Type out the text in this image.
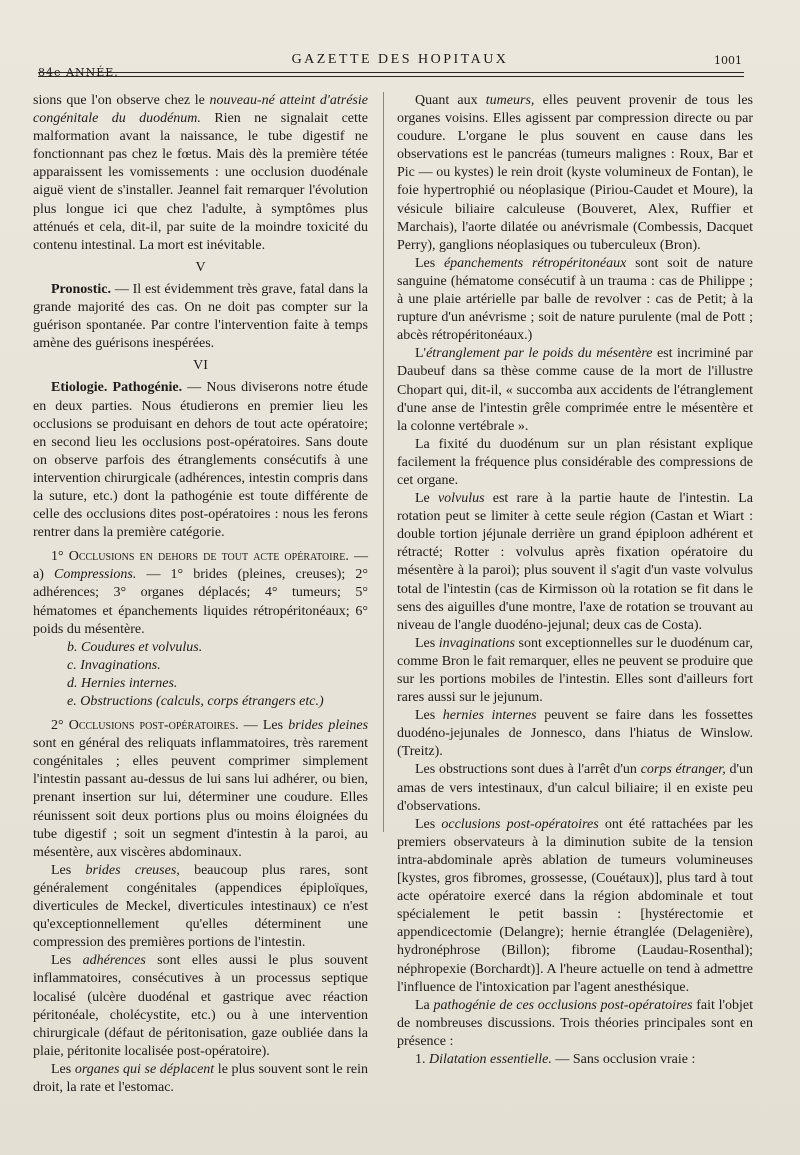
84e ANNÉE.
GAZETTE DES HOPITAUX	1001

sions que l'on observe chez le nouveau-né atteint d'atrésie congénitale du duodénum. Rien ne signalait cette malformation avant la naissance, le tube digestif ne fonctionnant pas chez le fœtus. Mais dès la première tétée apparaissent les vomissements : une occlusion duodénale aiguë vient de s'installer. Jeannel fait remarquer l'évolution plus longue ici que chez l'adulte, à symptômes plus atténués et cela, dit-il, par suite de la moindre toxicité du contenu intestinal. La mort est inévitable.

V

Pronostic. — Il est évidemment très grave, fatal dans la grande majorité des cas. On ne doit pas compter sur la guérison spontanée. Par contre l'intervention faite à temps amène des guérisons inespérées.

VI

Etiologie. Pathogénie. — Nous diviserons notre étude en deux parties. Nous étudierons en premier lieu les occlusions se produisant en dehors de tout acte opératoire; en second lieu les occlusions post-opératoires. Sans doute on observe parfois des étranglements consécutifs à une intervention chirurgicale (adhérences, intestin compris dans la suture, etc.) dont la pathogénie est toute différente de celle des occlusions dites post-opératoires : nous les ferons rentrer dans la première catégorie.

1° Occlusions en dehors de tout acte opératoire. — a) Compressions. — 1° brides (pleines, creuses); 2° adhérences; 3° organes déplacés; 4° tumeurs; 5° hématomes et épanchements liquides rétropéritonéaux; 6° poids du mésentère.

b. Coudures et volvulus.
c. Invaginations.
d. Hernies internes.
e. Obstructions (calculs, corps étrangers etc.)

2° Occlusions post-opératoires. — Les brides pleines sont en général des reliquats inflammatoires, très rarement congénitales ; elles peuvent comprimer simplement l'intestin passant au-dessus de lui sans lui adhérer, ou bien, prenant insertion sur lui, déterminer une coudure. Elles réunissent soit deux portions plus ou moins éloignées du tube digestif ; soit un segment d'intestin à la paroi, au mésentère, aux viscères abdominaux.

Les brides creuses, beaucoup plus rares, sont généralement congénitales (appendices épiploïques, diverticules de Meckel, diverticules intestinaux) ce n'est qu'exceptionnellement qu'elles déterminent une compression des premières portions de l'intestin.

Les adhérences sont elles aussi le plus souvent inflammatoires, consécutives à un processus septique localisé (ulcère duodénal et gastrique avec réaction péritonéale, cholécystite, etc.) ou à une intervention chirurgicale (défaut de péritonisation, gaze oubliée dans la plaie, péritonite localisée post-opératoire).

Les organes qui se déplacent le plus souvent sont le rein droit, la rate et l'estomac.

Quant aux tumeurs, elles peuvent provenir de tous les organes voisins. Elles agissent par compression directe ou par coudure. L'organe le plus souvent en cause dans les observations est le pancréas (tumeurs malignes : Roux, Bar et Pic — ou kystes) le rein droit (kyste volumineux de Fontan), le foie hypertrophié ou néoplasique (Piriou-Caudet et Moure), la vésicule biliaire calculeuse (Bouveret, Alex, Ruffier et Marchais), l'aorte dilatée ou anévrismale (Combessis, Dacquet Perry), ganglions néoplasiques ou tuberculeux (Bron).

Les épanchements rétropéritonéaux sont soit de nature sanguine (hématome consécutif à un trauma : cas de Philippe ; à une plaie artérielle par balle de revolver : cas de Petit; à la rupture d'un anévrisme ; soit de nature purulente (mal de Pott ; abcès rétropéritonéaux.)

L'étranglement par le poids du mésentère est incriminé par Daubeuf dans sa thèse comme cause de la mort de l'illustre Chopart qui, dit-il, « succomba aux accidents de l'étranglement d'une anse de l'intestin grêle comprimée entre le mésentère et la colonne vertébrale ».

La fixité du duodénum sur un plan résistant explique facilement la fréquence plus considérable des compressions de cet organe.

Le volvulus est rare à la partie haute de l'intestin. La rotation peut se limiter à cette seule région (Castan et Wiart : double tortion jéjunale derrière un grand épiploon adhérent et rétracté; Rotter : volvulus après fixation opératoire du mésentère à la paroi); plus souvent il s'agit d'un vaste volvulus total de l'intestin (cas de Kirmisson où la rotation se fit dans le sens des aiguilles d'une montre, l'axe de rotation se trouvant au niveau de l'angle duodéno-jejunal; deux cas de Costa).

Les invaginations sont exceptionnelles sur le duodénum car, comme Bron le fait remarquer, elles ne peuvent se produire que sur les portions mobiles de l'intestin. Elles sont d'ailleurs fort rares aussi sur le jejunum.

Les hernies internes peuvent se faire dans les fossettes duodéno-jejunales de Jonnesco, dans l'hiatus de Winslow. (Treitz).

Les obstructions sont dues à l'arrêt d'un corps étranger, d'un amas de vers intestinaux, d'un calcul biliaire; il en existe peu d'observations.

Les occlusions post-opératoires ont été rattachées par les premiers observateurs à la diminution subite de la tension intra-abdominale après ablation de tumeurs volumineuses [kystes, gros fibromes, grossesse, (Couétaux)], plus tard à tout acte opératoire exercé dans la région abdominale et tout spécialement le petit bassin : [hystérectomie et appendicectomie (Delangre); hernie étranglée (Delagenière), hydronéphrose (Billon); fibrome (Laudau-Rosenthal); néphropexie (Borchardt)]. A l'heure actuelle on tend à admettre l'influence de l'intoxication par l'agent anesthésique.

La pathogénie de ces occlusions post-opératoires fait l'objet de nombreuses discussions. Trois théories principales sont en présence :

1. Dilatation essentielle. — Sans occlusion vraie :
